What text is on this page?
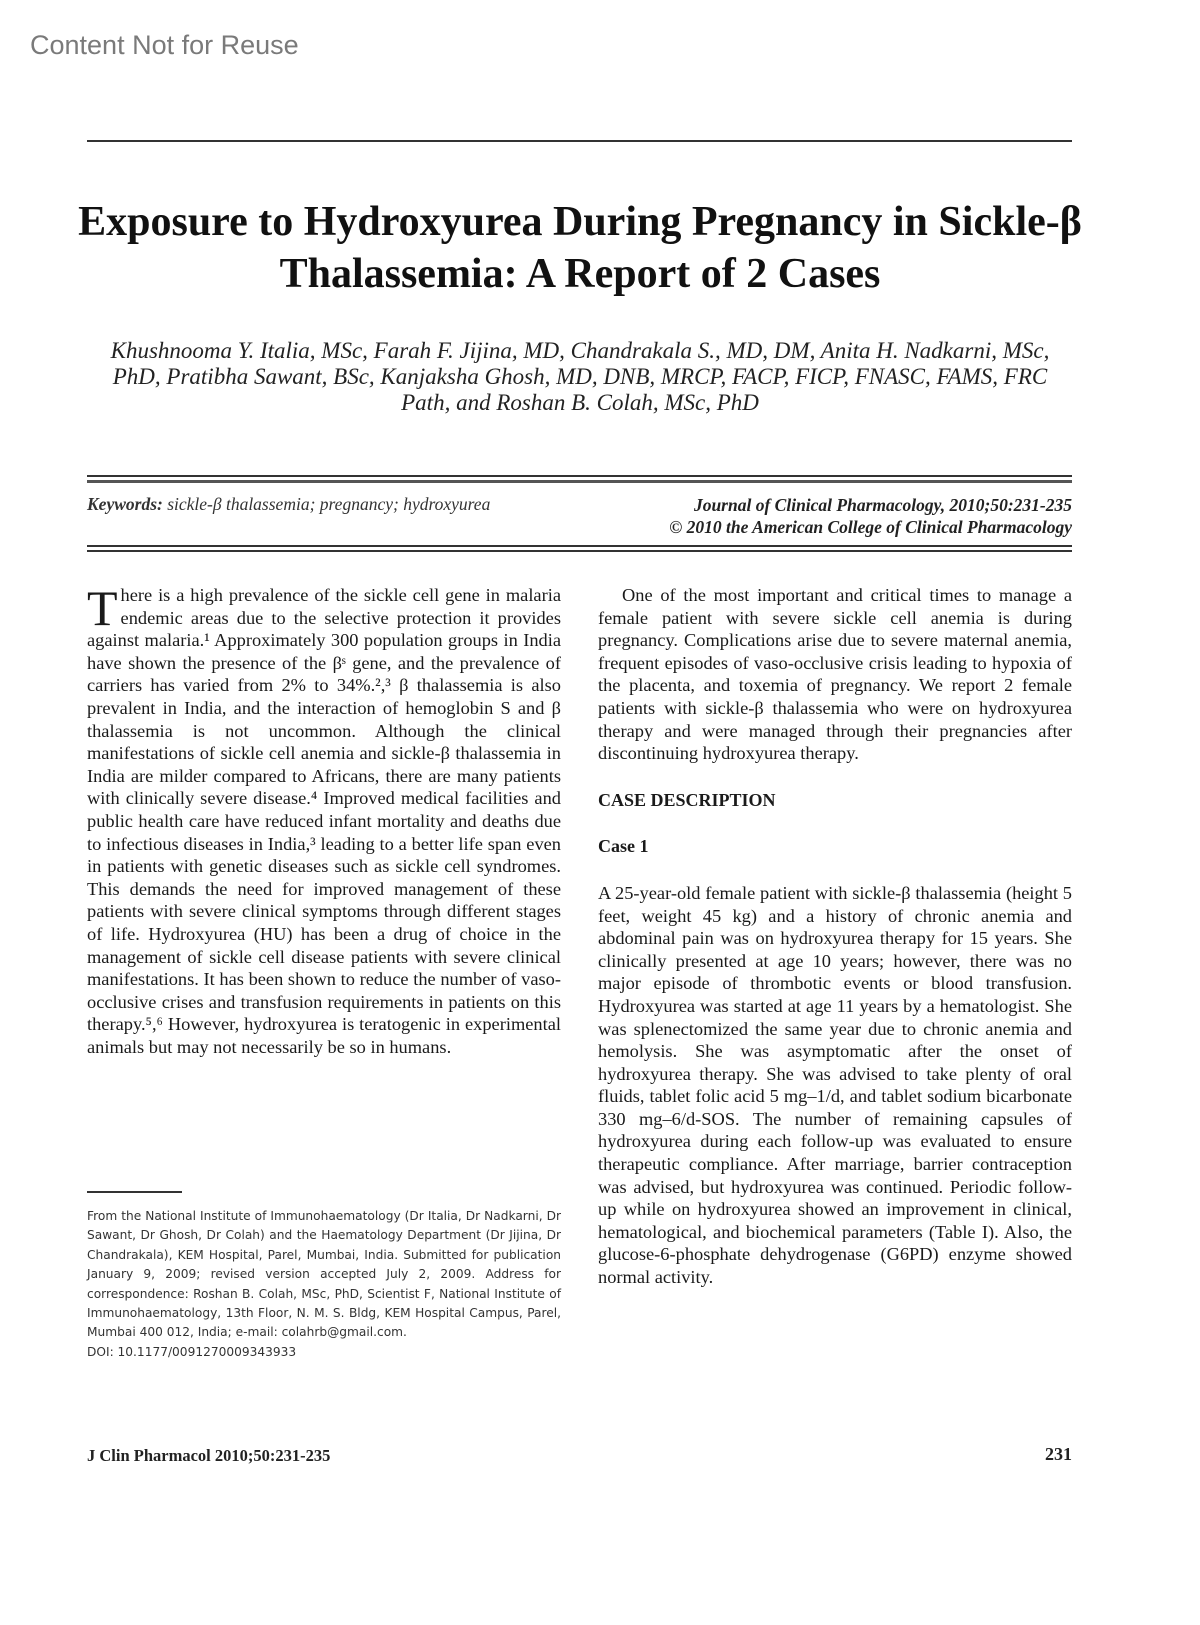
Content Not for Reuse
Exposure to Hydroxyurea During Pregnancy in Sickle-β Thalassemia: A Report of 2 Cases
Khushnooma Y. Italia, MSc, Farah F. Jijina, MD, Chandrakala S., MD, DM, Anita H. Nadkarni, MSc, PhD, Pratibha Sawant, BSc, Kanjaksha Ghosh, MD, DNB, MRCP, FACP, FICP, FNASC, FAMS, FRC Path, and Roshan B. Colah, MSc, PhD
Keywords: sickle-β thalassemia; pregnancy; hydroxyurea	Journal of Clinical Pharmacology, 2010;50:231-235
© 2010 the American College of Clinical Pharmacology

There is a high prevalence of the sickle cell gene in malaria endemic areas due to the selective protection it provides against malaria.¹ Approximately 300 population groups in India have shown the presence of the βˢ gene, and the prevalence of carriers has varied from 2% to 34%.²,³ β thalassemia is also prevalent in India, and the interaction of hemoglobin S and β thalassemia is not uncommon. Although the clinical manifestations of sickle cell anemia and sickle-β thalassemia in India are milder compared to Africans, there are many patients with clinically severe disease.⁴ Improved medical facilities and public health care have reduced infant mortality and deaths due to infectious diseases in India,³ leading to a better life span even in patients with genetic diseases such as sickle cell syndromes. This demands the need for improved management of these patients with severe clinical symptoms through different stages of life. Hydroxyurea (HU) has been a drug of choice in the management of sickle cell disease patients with severe clinical manifestations. It has been shown to reduce the number of vaso-occlusive crises and transfusion requirements in patients on this therapy.⁵,⁶ However, hydroxyurea is teratogenic in experimental animals but may not necessarily be so in humans.

From the National Institute of Immunohaematology (Dr Italia, Dr Nadkarni, Dr Sawant, Dr Ghosh, Dr Colah) and the Haematology Department (Dr Jijina, Dr Chandrakala), KEM Hospital, Parel, Mumbai, India. Submitted for publication January 9, 2009; revised version accepted July 2, 2009. Address for correspondence: Roshan B. Colah, MSc, PhD, Scientist F, National Institute of Immunohaematology, 13th Floor, N. M. S. Bldg, KEM Hospital Campus, Parel, Mumbai 400 012, India; e-mail: colahrb@gmail.com.
DOI: 10.1177/0091270009343933

One of the most important and critical times to manage a female patient with severe sickle cell anemia is during pregnancy. Complications arise due to severe maternal anemia, frequent episodes of vaso-occlusive crisis leading to hypoxia of the placenta, and toxemia of pregnancy. We report 2 female patients with sickle-β thalassemia who were on hydroxyurea therapy and were managed through their pregnancies after discontinuing hydroxyurea therapy.

CASE DESCRIPTION

Case 1

A 25-year-old female patient with sickle-β thalassemia (height 5 feet, weight 45 kg) and a history of chronic anemia and abdominal pain was on hydroxyurea therapy for 15 years. She clinically presented at age 10 years; however, there was no major episode of thrombotic events or blood transfusion. Hydroxyurea was started at age 11 years by a hematologist. She was splenectomized the same year due to chronic anemia and hemolysis. She was asymptomatic after the onset of hydroxyurea therapy. She was advised to take plenty of oral fluids, tablet folic acid 5 mg–1/d, and tablet sodium bicarbonate 330 mg–6/d-SOS. The number of remaining capsules of hydroxyurea during each follow-up was evaluated to ensure therapeutic compliance. After marriage, barrier contraception was advised, but hydroxyurea was continued. Periodic follow-up while on hydroxyurea showed an improvement in clinical, hematological, and biochemical parameters (Table I). Also, the glucose-6-phosphate dehydrogenase (G6PD) enzyme showed normal activity.

J Clin Pharmacol 2010;50:231-235	231
